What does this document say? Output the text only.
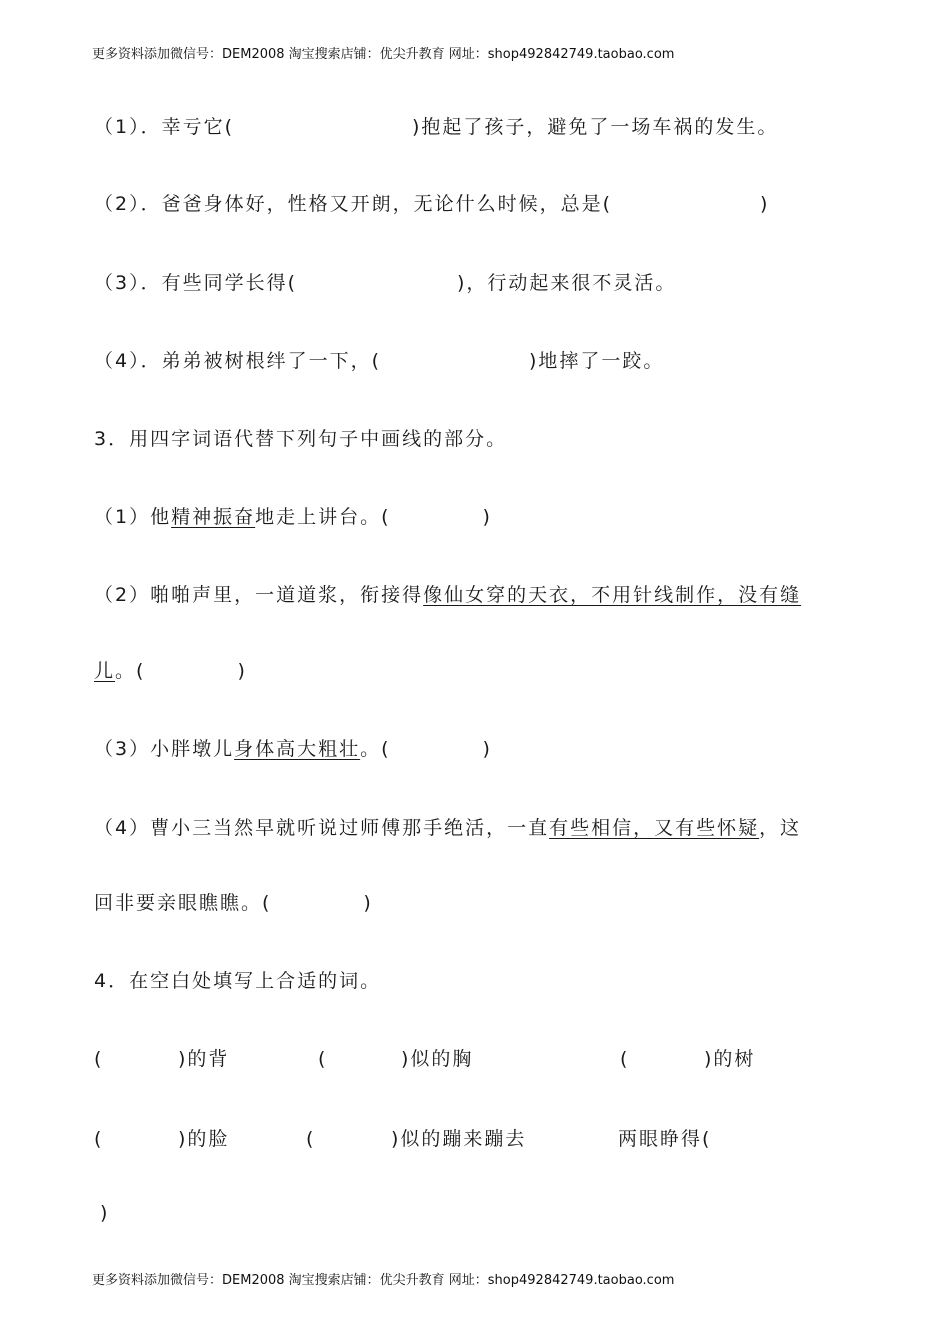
更多资料添加微信号：DEM2008 淘宝搜索店铺：优尖升教育 网址：shop492842749.taobao.com
（1）．幸亏它(	)抱起了孩子，避免了一场车祸的发生。
（2）．爸爸身体好，性格又开朗，无论什么时候，总是(	)
（3）．有些同学长得(	)，行动起来很不灵活。
（4）．弟弟被树根绊了一下，(	)地摔了一跤。
3．用四字词语代替下列句子中画线的部分。
（1）他精神振奋地走上讲台。(	)
（2）啪啪声里，一道道浆，衔接得像仙女穿的天衣，不用针线制作，没有缝
儿。(	)
（3）小胖墩儿身体高大粗壮。(	)
（4）曹小三当然早就听说过师傅那手绝活，一直有些相信，又有些怀疑，这
回非要亲眼瞧瞧。(	)
4．在空白处填写上合适的词。
(	)的背	(	)似的胸	(	)的树
(	)的脸	(	)似的蹦来蹦去	两眼睁得(
)
更多资料添加微信号：DEM2008 淘宝搜索店铺：优尖升教育 网址：shop492842749.taobao.com
